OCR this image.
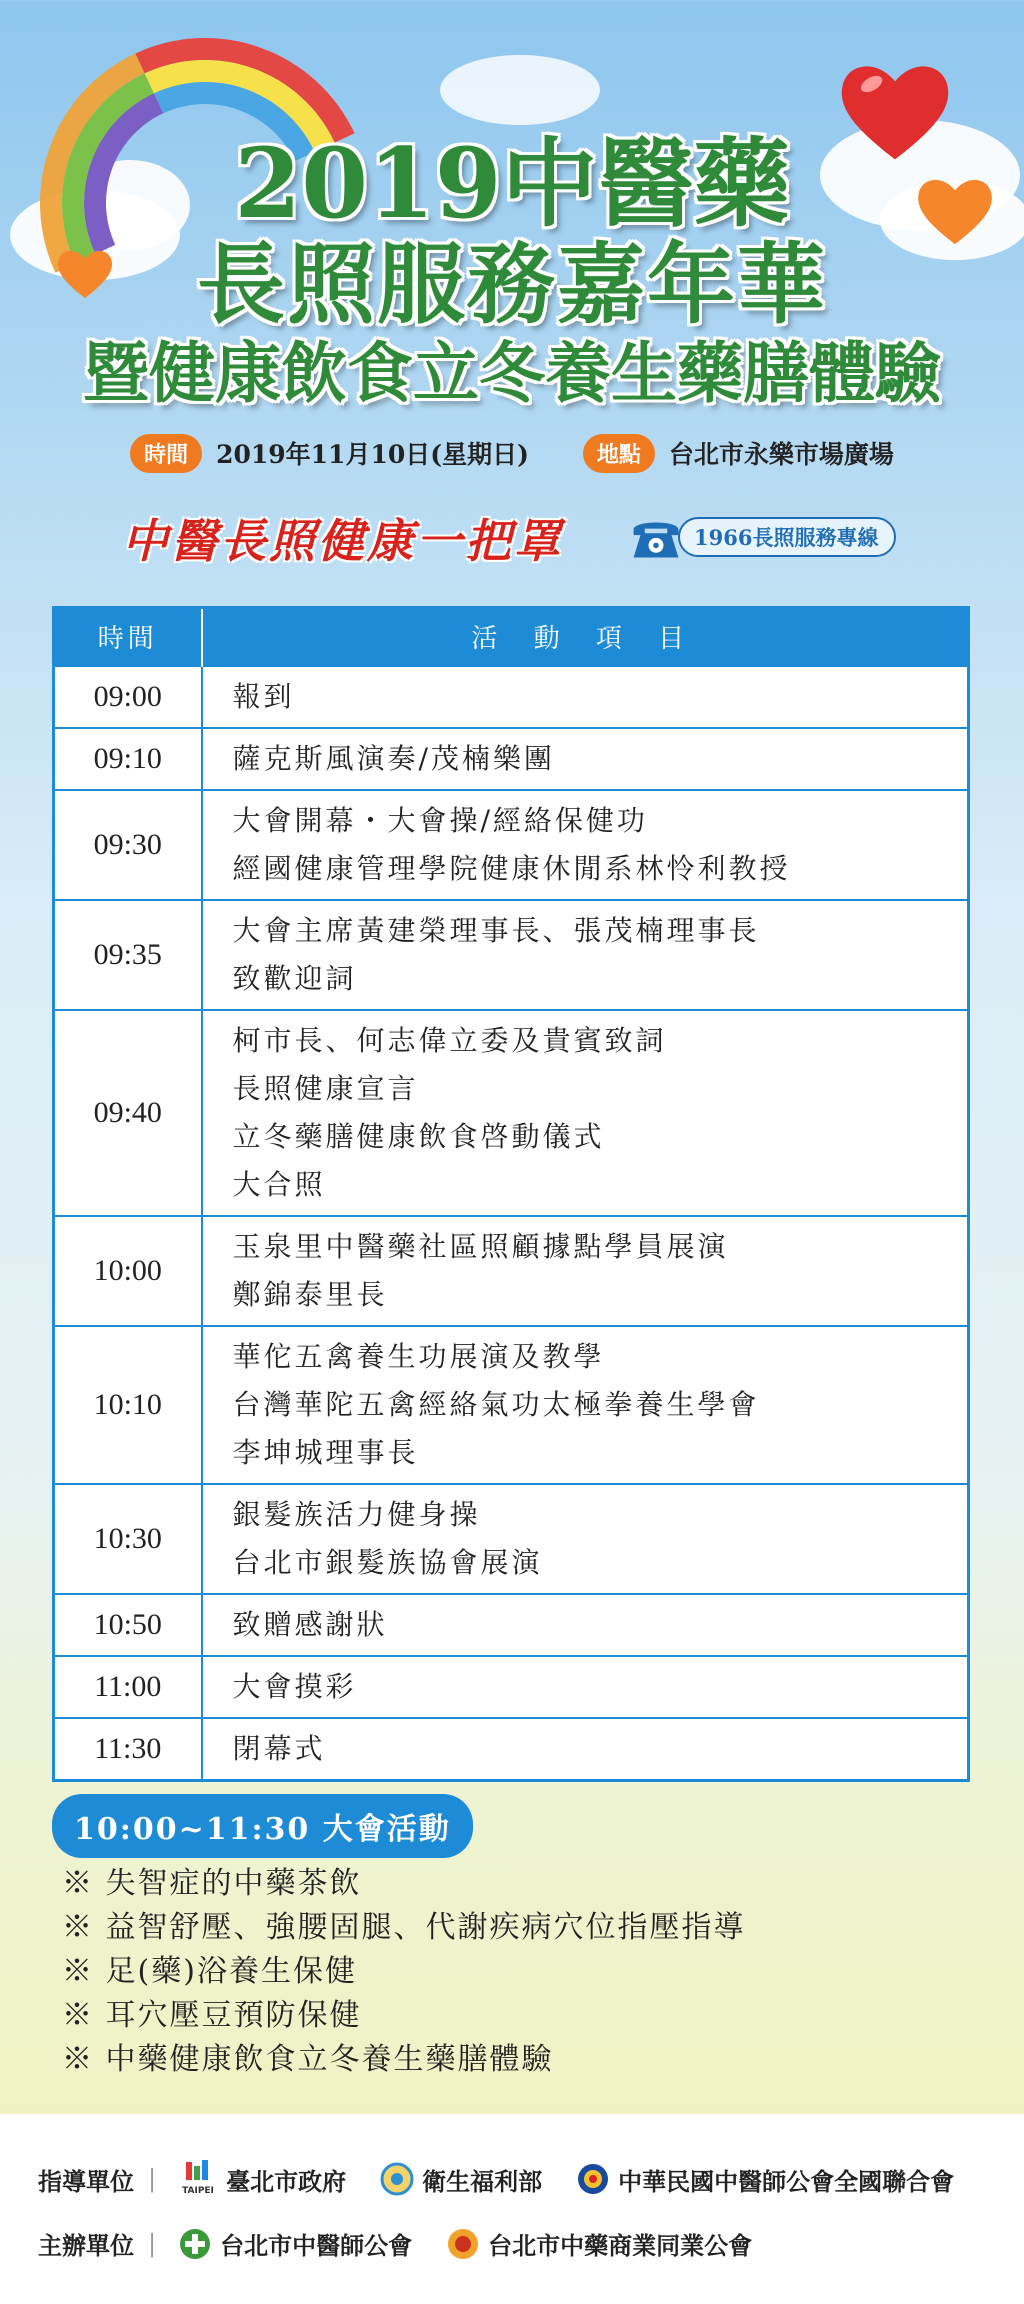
2019中醫藥
長照服務嘉年華
暨健康飲食立冬養生藥膳體驗
時間	2019年11月10日(星期日)	地點	台北市永樂市場廣場
中醫長照健康一把罩	1966長照服務專線
時間	活 動 項 目
09:00	報到

09:10	薩克斯風演奏/茂楠樂團

09:30	大會開幕・大會操/經絡保健功
經國健康管理學院健康休閒系林怜利教授

09:35	大會主席黃建榮理事長、張茂楠理事長
致歡迎詞

09:40	柯市長、何志偉立委及貴賓致詞
長照健康宣言
立冬藥膳健康飲食啓動儀式
大合照

10:00	玉泉里中醫藥社區照顧據點學員展演
鄭錦泰里長

10:10	華佗五禽養生功展演及教學
台灣華陀五禽經絡氣功太極拳養生學會
李坤城理事長

10:30	銀髮族活力健身操
台北市銀髮族協會展演

10:50	致贈感謝狀

11:00	大會摸彩

11:30	閉幕式
10:00~11:30 大會活動
※ 失智症的中藥茶飲
※ 益智舒壓、強腰固腿、代謝疾病穴位指壓指導
※ 足(藥)浴養生保健
※ 耳穴壓豆預防保健
※ 中藥健康飲食立冬養生藥膳體驗
指導單位 |	TAIPEI 臺北市政府	衛生福利部	中華民國中醫師公會全國聯合會
主辦單位 |	台北市中醫師公會	台北市中藥商業同業公會
